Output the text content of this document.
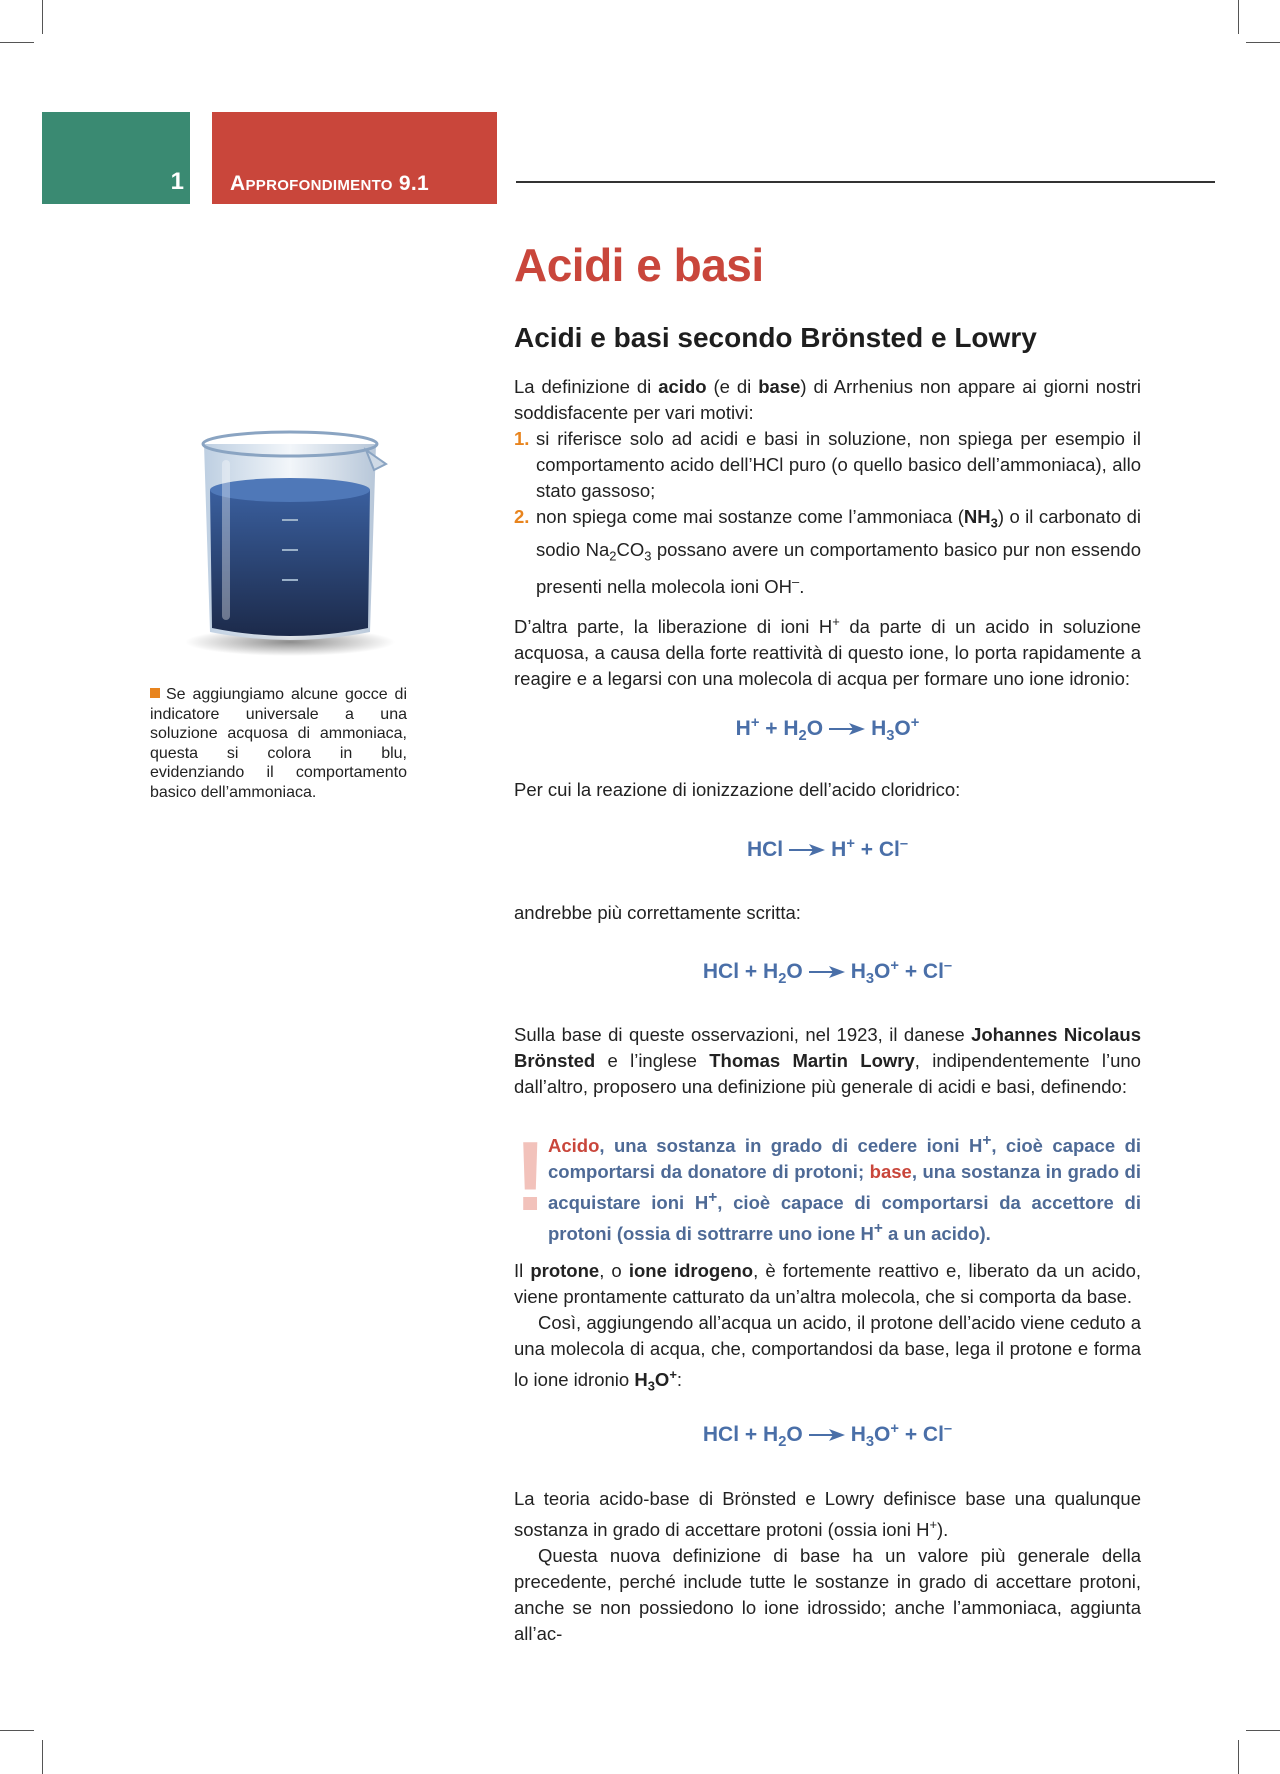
1 Approfondimento 9.1
Acidi e basi
Acidi e basi secondo Brönsted e Lowry
Se aggiungiamo alcune gocce di indicatore universale a una soluzione acquosa di ammoniaca, questa si colora in blu, evidenziando il comportamento basico dell’ammoniaca.

La definizione di acido (e di base) di Arrhenius non appare ai giorni nostri soddisfacente per vari motivi:

1. si riferisce solo ad acidi e basi in soluzione, non spiega per esempio il comportamento acido dell’HCl puro (o quello basico dell’ammoniaca), allo stato gassoso;
2. non spiega come mai sostanze come l’ammoniaca $(NH_3)$ o il carbonato di sodio $Na_2CO_3$ possano avere un comportamento basico pur non essendo presenti nella molecola ioni OH–.

D’altra parte, la liberazione di ioni H+ da parte di un acido in soluzione acquosa, a causa della forte reattività di questo ione, lo porta rapidamente a reagire e a legarsi con una molecola di acqua per formare uno ione idronio:

$H^+ + H_2O \to H_3O^+$

Per cui la reazione di ionizzazione dell’acido cloridrico:

HCl → H+ + Cl–

andrebbe più correttamente scritta:

HCl + $H_2O \to H_3O^+ + Cl^-$

Sulla base di queste osservazioni, nel 1923, il danese Johannes Nicolaus Brönsted e l’inglese Thomas Martin Lowry, indipendentemente l’uno dall’altro, proposero una definizione più generale di acidi e basi, definendo:

! Acido, una sostanza in grado di cedere ioni H+, cioè capace di comportarsi da donatore di protoni; base, una sostanza in grado di acquistare ioni H+, cioè capace di comportarsi da accettore di protoni (ossia di sottrarre uno ione H+ a un acido).

Il protone, o ione idrogeno, è fortemente reattivo e, liberato da un acido, viene prontamente catturato da un’altra molecola, che si comporta da base.

Così, aggiungendo all’acqua un acido, il protone dell’acido viene ceduto a una molecola di acqua, che, comportandosi da base, lega il protone e forma lo ione idronio $H_3O^+$:

HCl + $H_2O \to H_3O^+ + Cl^-$

La teoria acido-base di Brönsted e Lowry definisce base una qualunque sostanza in grado di accettare protoni (ossia ioni H+).

Questa nuova definizione di base ha un valore più generale della precedente, perché include tutte le sostanze in grado di accettare protoni, anche se non possiedono lo ione idrossido; anche l’ammoniaca, aggiunta all’ac-
